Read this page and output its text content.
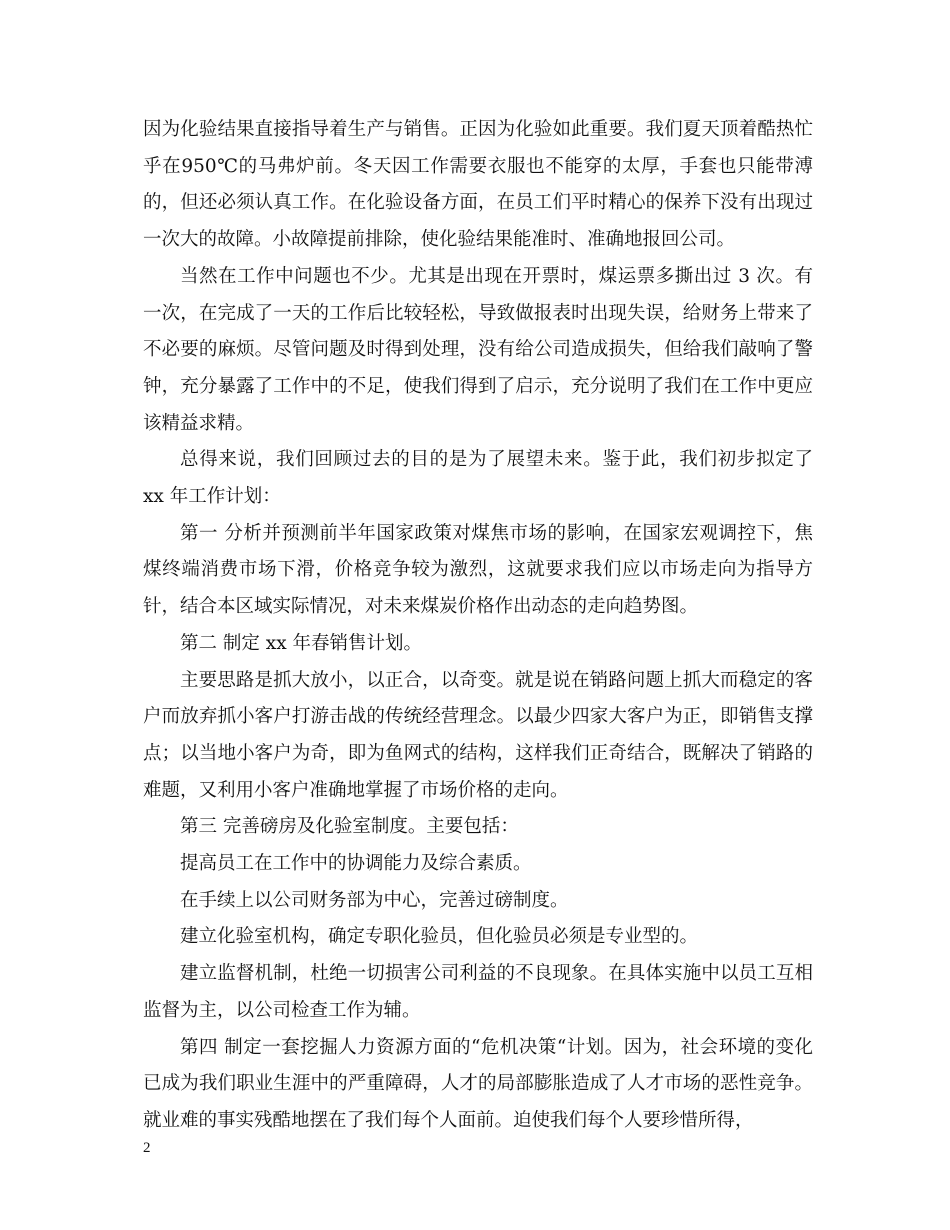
因为化验结果直接指导着生产与销售。正因为化验如此重要。我们夏天顶着酷热忙乎在950℃的马弗炉前。冬天因工作需要衣服也不能穿的太厚，手套也只能带溥的，但还必须认真工作。在化验设备方面，在员工们平时精心的保养下没有出现过一次大的故障。小故障提前排除，使化验结果能准时、准确地报回公司。

当然在工作中问题也不少。尤其是出现在开票时，煤运票多撕出过 3 次。有一次，在完成了一天的工作后比较轻松，导致做报表时出现失误，给财务上带来了不必要的麻烦。尽管问题及时得到处理，没有给公司造成损失，但给我们敲响了警钟，充分暴露了工作中的不足，使我们得到了启示，充分说明了我们在工作中更应该精益求精。

总得来说，我们回顾过去的目的是为了展望未来。鉴于此，我们初步拟定了 xx 年工作计划：

第一 分析并预测前半年国家政策对煤焦市场的影响，在国家宏观调控下，焦煤终端消费市场下滑，价格竞争较为激烈，这就要求我们应以市场走向为指导方针，结合本区域实际情况，对未来煤炭价格作出动态的走向趋势图。

第二 制定 xx 年春销售计划。

主要思路是抓大放小，以正合，以奇变。就是说在销路问题上抓大而稳定的客户而放弃抓小客户打游击战的传统经营理念。以最少四家大客户为正，即销售支撑点；以当地小客户为奇，即为鱼网式的结构，这样我们正奇结合，既解决了销路的难题，又利用小客户准确地掌握了市场价格的走向。

第三 完善磅房及化验室制度。主要包括：

提高员工在工作中的协调能力及综合素质。

在手续上以公司财务部为中心，完善过磅制度。

建立化验室机构，确定专职化验员，但化验员必须是专业型的。

建立监督机制，杜绝一切损害公司利益的不良现象。在具体实施中以员工互相监督为主，以公司检查工作为辅。

第四 制定一套挖掘人力资源方面的“危机决策“计划。因为，社会环境的变化已成为我们职业生涯中的严重障碍，人才的局部膨胀造成了人才市场的恶性竞争。就业难的事实残酷地摆在了我们每个人面前。迫使我们每个人要珍惜所得，

2
